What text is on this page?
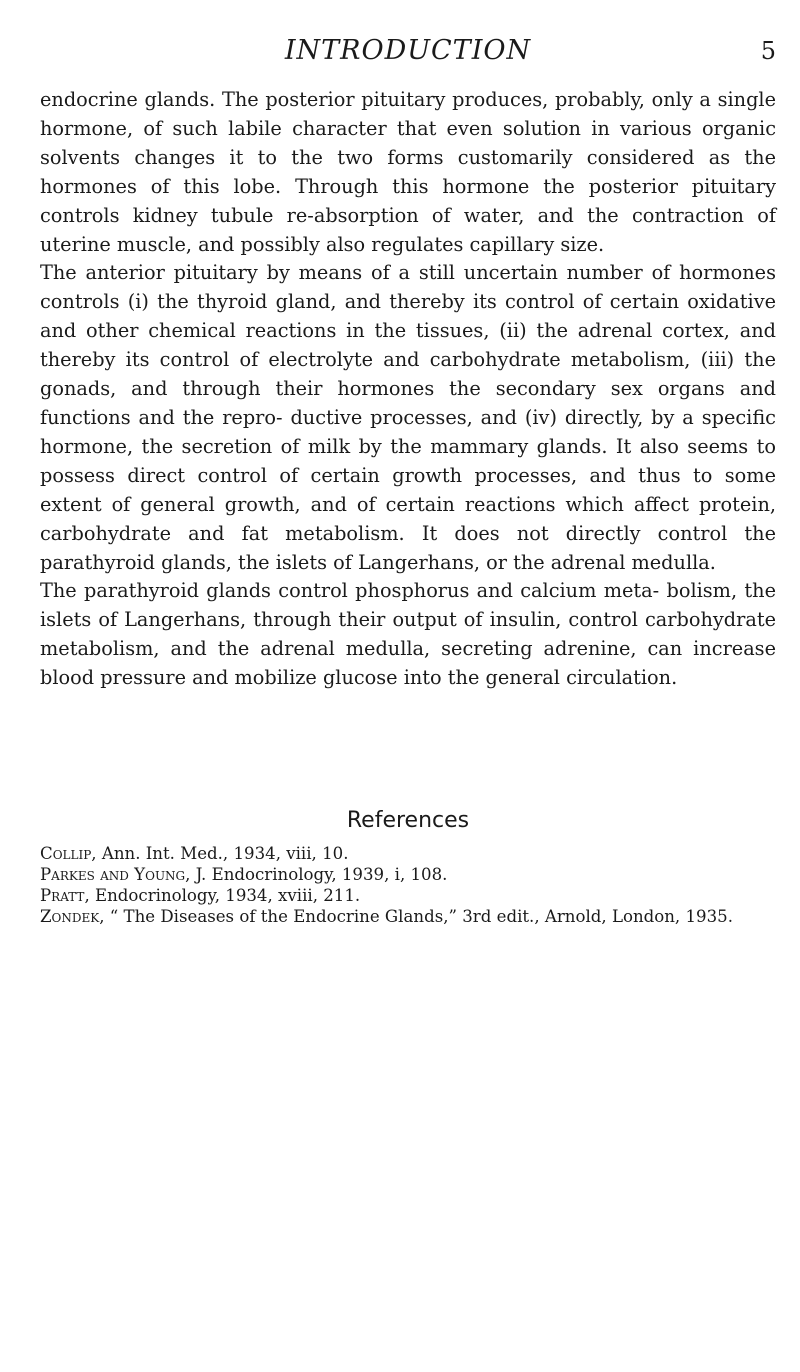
INTRODUCTION	5

endocrine glands. The posterior pituitary produces, probably, only a single hormone, of such labile character that even solution in various organic solvents changes it to the two forms customarily considered as the hormones of this lobe. Through this hormone the posterior pituitary controls kidney tubule re-absorption of water, and the contraction of uterine muscle, and possibly also regulates capillary size.

The anterior pituitary by means of a still uncertain number of hormones controls (i) the thyroid gland, and thereby its control of certain oxidative and other chemical reactions in the tissues, (ii) the adrenal cortex, and thereby its control of electrolyte and carbohydrate metabolism, (iii) the gonads, and through their hormones the secondary sex organs and functions and the repro- ductive processes, and (iv) directly, by a specific hormone, the secretion of milk by the mammary glands. It also seems to possess direct control of certain growth processes, and thus to some extent of general growth, and of certain reactions which affect protein, carbohydrate and fat metabolism. It does not directly control the parathyroid glands, the islets of Langerhans, or the adrenal medulla.

The parathyroid glands control phosphorus and calcium meta- bolism, the islets of Langerhans, through their output of insulin, control carbohydrate metabolism, and the adrenal medulla, secreting adrenine, can increase blood pressure and mobilize glucose into the general circulation.

References

Collip, Ann. Int. Med., 1934, viii, 10.

Parkes and Young, J. Endocrinology, 1939, i, 108.

Pratt, Endocrinology, 1934, xviii, 211.

Zondek, “ The Diseases of the Endocrine Glands,” 3rd edit., Arnold, London, 1935.
